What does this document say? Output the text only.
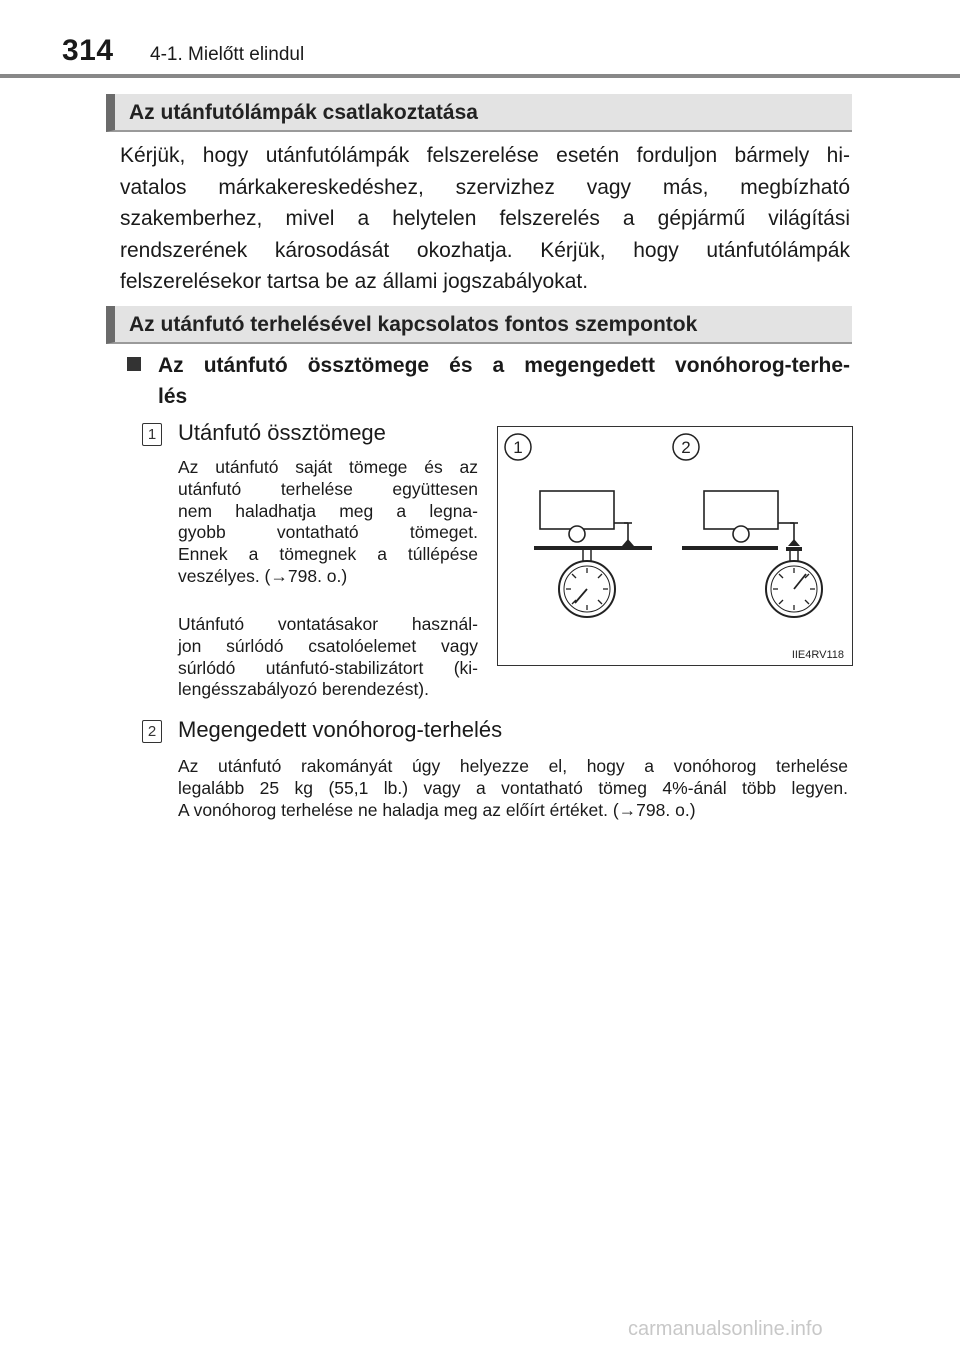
314 4-1. Mielőtt elindul
Az utánfutólámpák csatlakoztatása
Kérjük, hogy utánfutólámpák felszerelése esetén forduljon bármely hi-
vatalos márkakereskedéshez, szervizhez vagy más, megbízható
szakemberhez, mivel a helytelen felszerelés a gépjármű világítási
rendszerének károsodását okozhatja. Kérjük, hogy utánfutólámpák
felszerelésekor tartsa be az állami jogszabályokat.
Az utánfutó terhelésével kapcsolatos fontos szempontok
Az utánfutó össztömege és a megengedett vonóhorog-terhe-
lés
1 Utánfutó össztömege
Az utánfutó saját tömege és az
utánfutó terhelése együttesen
nem haladhatja meg a legna-
gyobb vontatható tömeget.
Ennek a tömegnek a túllépése
veszélyes. (→798. o.)
Utánfutó vontatásakor használ-
jon súrlódó csatolóelemet vagy
súrlódó utánfutó-stabilizátort (ki-
lengésszabályozó berendezést).
1	2
IIE4RV118
2 Megengedett vonóhorog-terhelés
Az utánfutó rakományát úgy helyezze el, hogy a vonóhorog terhelése
legalább 25 kg (55,1 lb.) vagy a vontatható tömeg 4%-ánál több legyen.
A vonóhorog terhelése ne haladja meg az előírt értéket. (→798. o.)
carmanualsonline.info
